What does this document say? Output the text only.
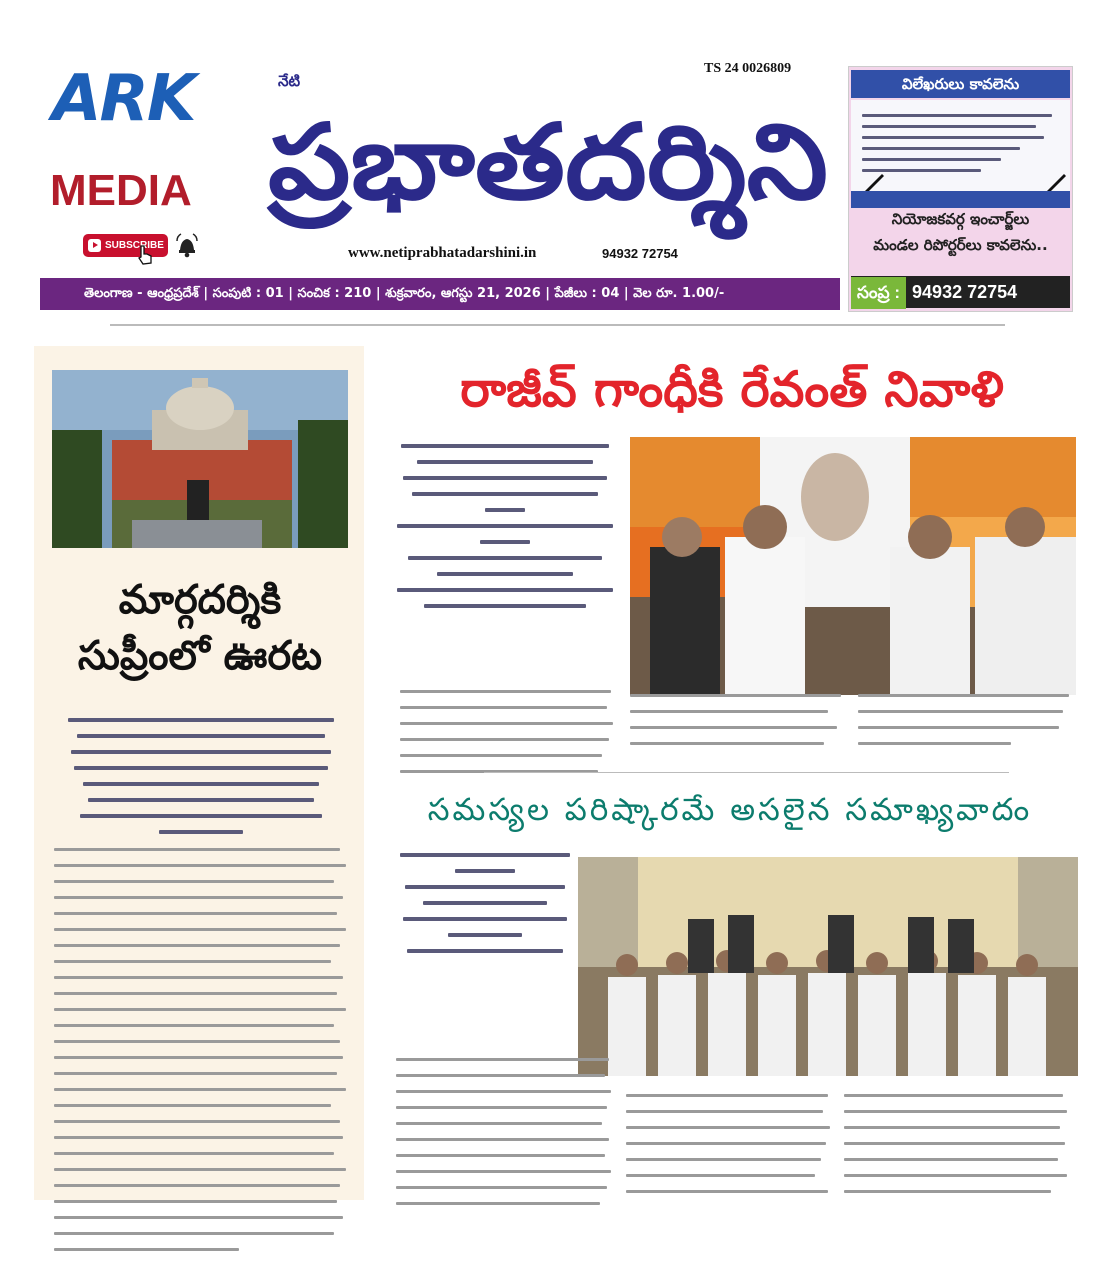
ARK
MEDIA
SUBSCRIBE
TS 24 0026809
ప్రభాతదర్శిని
నేటి
www.netiprabhatadarshini.in	94932 72754
తెలంగాణ - ఆంధ్రప్రదేశ్ | సంపుటి : 01 | సంచిక : 210 | శుక్రవారం, ఆగస్టు 21, 2026 | పేజీలు : 04 | వెల రూ. 1.00/-
విలేఖరులు కావలెను
నియోజకవర్గ ఇంచార్జ్‌లు
మండల రిపోర్టర్‌లు కావలెను..
సంప్ర : 94932 72754
మార్గదర్శికి
సుప్రీంలో ఊరట
రాజీవ్ గాంధీకి రేవంత్ నివాళి
సమస్యల పరిష్కారమే అసలైన సమాఖ్యవాదం
